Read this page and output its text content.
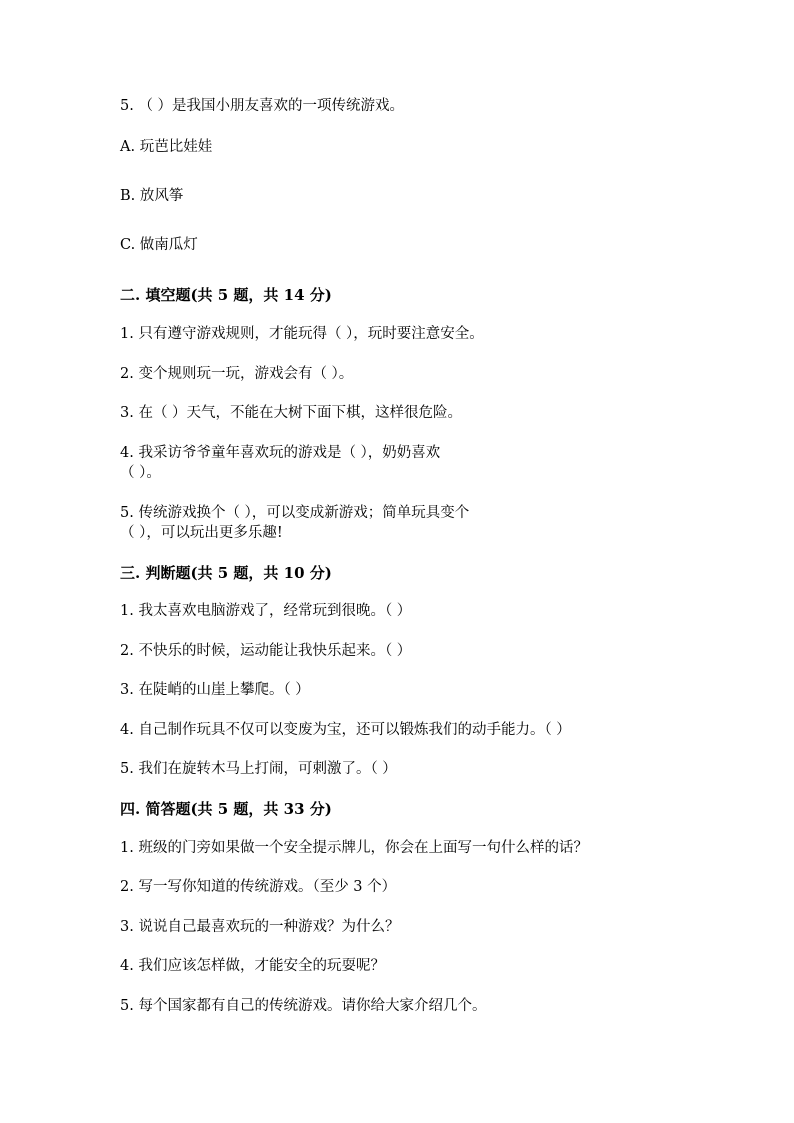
5. （ ）是我国小朋友喜欢的一项传统游戏。
A. 玩芭比娃娃
B. 放风筝
C. 做南瓜灯
二. 填空题(共 5 题，共 14 分)
1. 只有遵守游戏规则，才能玩得（ ），玩时要注意安全。
2. 变个规则玩一玩，游戏会有（ ）。
3. 在（ ）天气，不能在大树下面下棋，这样很危险。
4. 我采访爷爷童年喜欢玩的游戏是（ ），奶奶喜欢
（ ）。
5. 传统游戏换个（ ），可以变成新游戏；简单玩具变个
（ ），可以玩出更多乐趣!
三. 判断题(共 5 题，共 10 分)
1. 我太喜欢电脑游戏了，经常玩到很晚。（ ）
2. 不快乐的时候，运动能让我快乐起来。（ ）
3. 在陡峭的山崖上攀爬。（ ）
4. 自己制作玩具不仅可以变废为宝，还可以锻炼我们的动手能力。（ ）
5. 我们在旋转木马上打闹，可刺激了。（ ）
四. 简答题(共 5 题，共 33 分)
1. 班级的门旁如果做一个安全提示牌儿，你会在上面写一句什么样的话？
2. 写一写你知道的传统游戏。（至少 3 个）
3. 说说自己最喜欢玩的一种游戏？为什么？
4. 我们应该怎样做，才能安全的玩耍呢？
5. 每个国家都有自己的传统游戏。请你给大家介绍几个。
